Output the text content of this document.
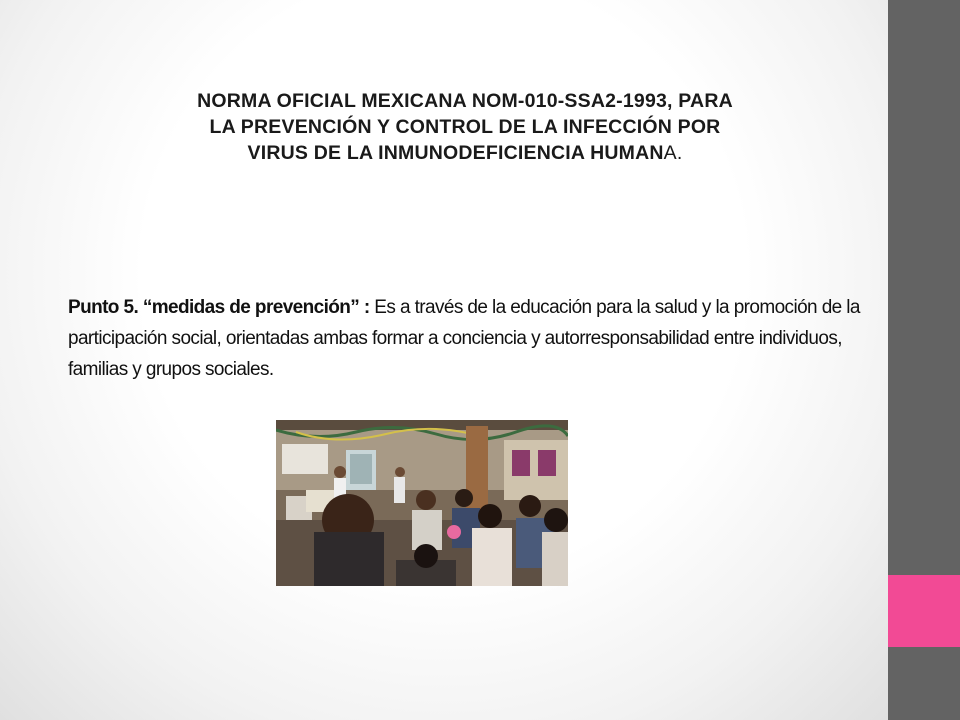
NORMA OFICIAL MEXICANA NOM-010-SSA2-1993, PARA
LA PREVENCIÓN Y CONTROL DE LA INFECCIÓN POR
VIRUS DE LA INMUNODEFICIENCIA HUMANA.
Punto 5. “medidas de prevención” : Es a través de la educación para la salud y la promoción de la participación social, orientadas ambas formar a conciencia y autorresponsabilidad entre individuos, familias y grupos sociales.
